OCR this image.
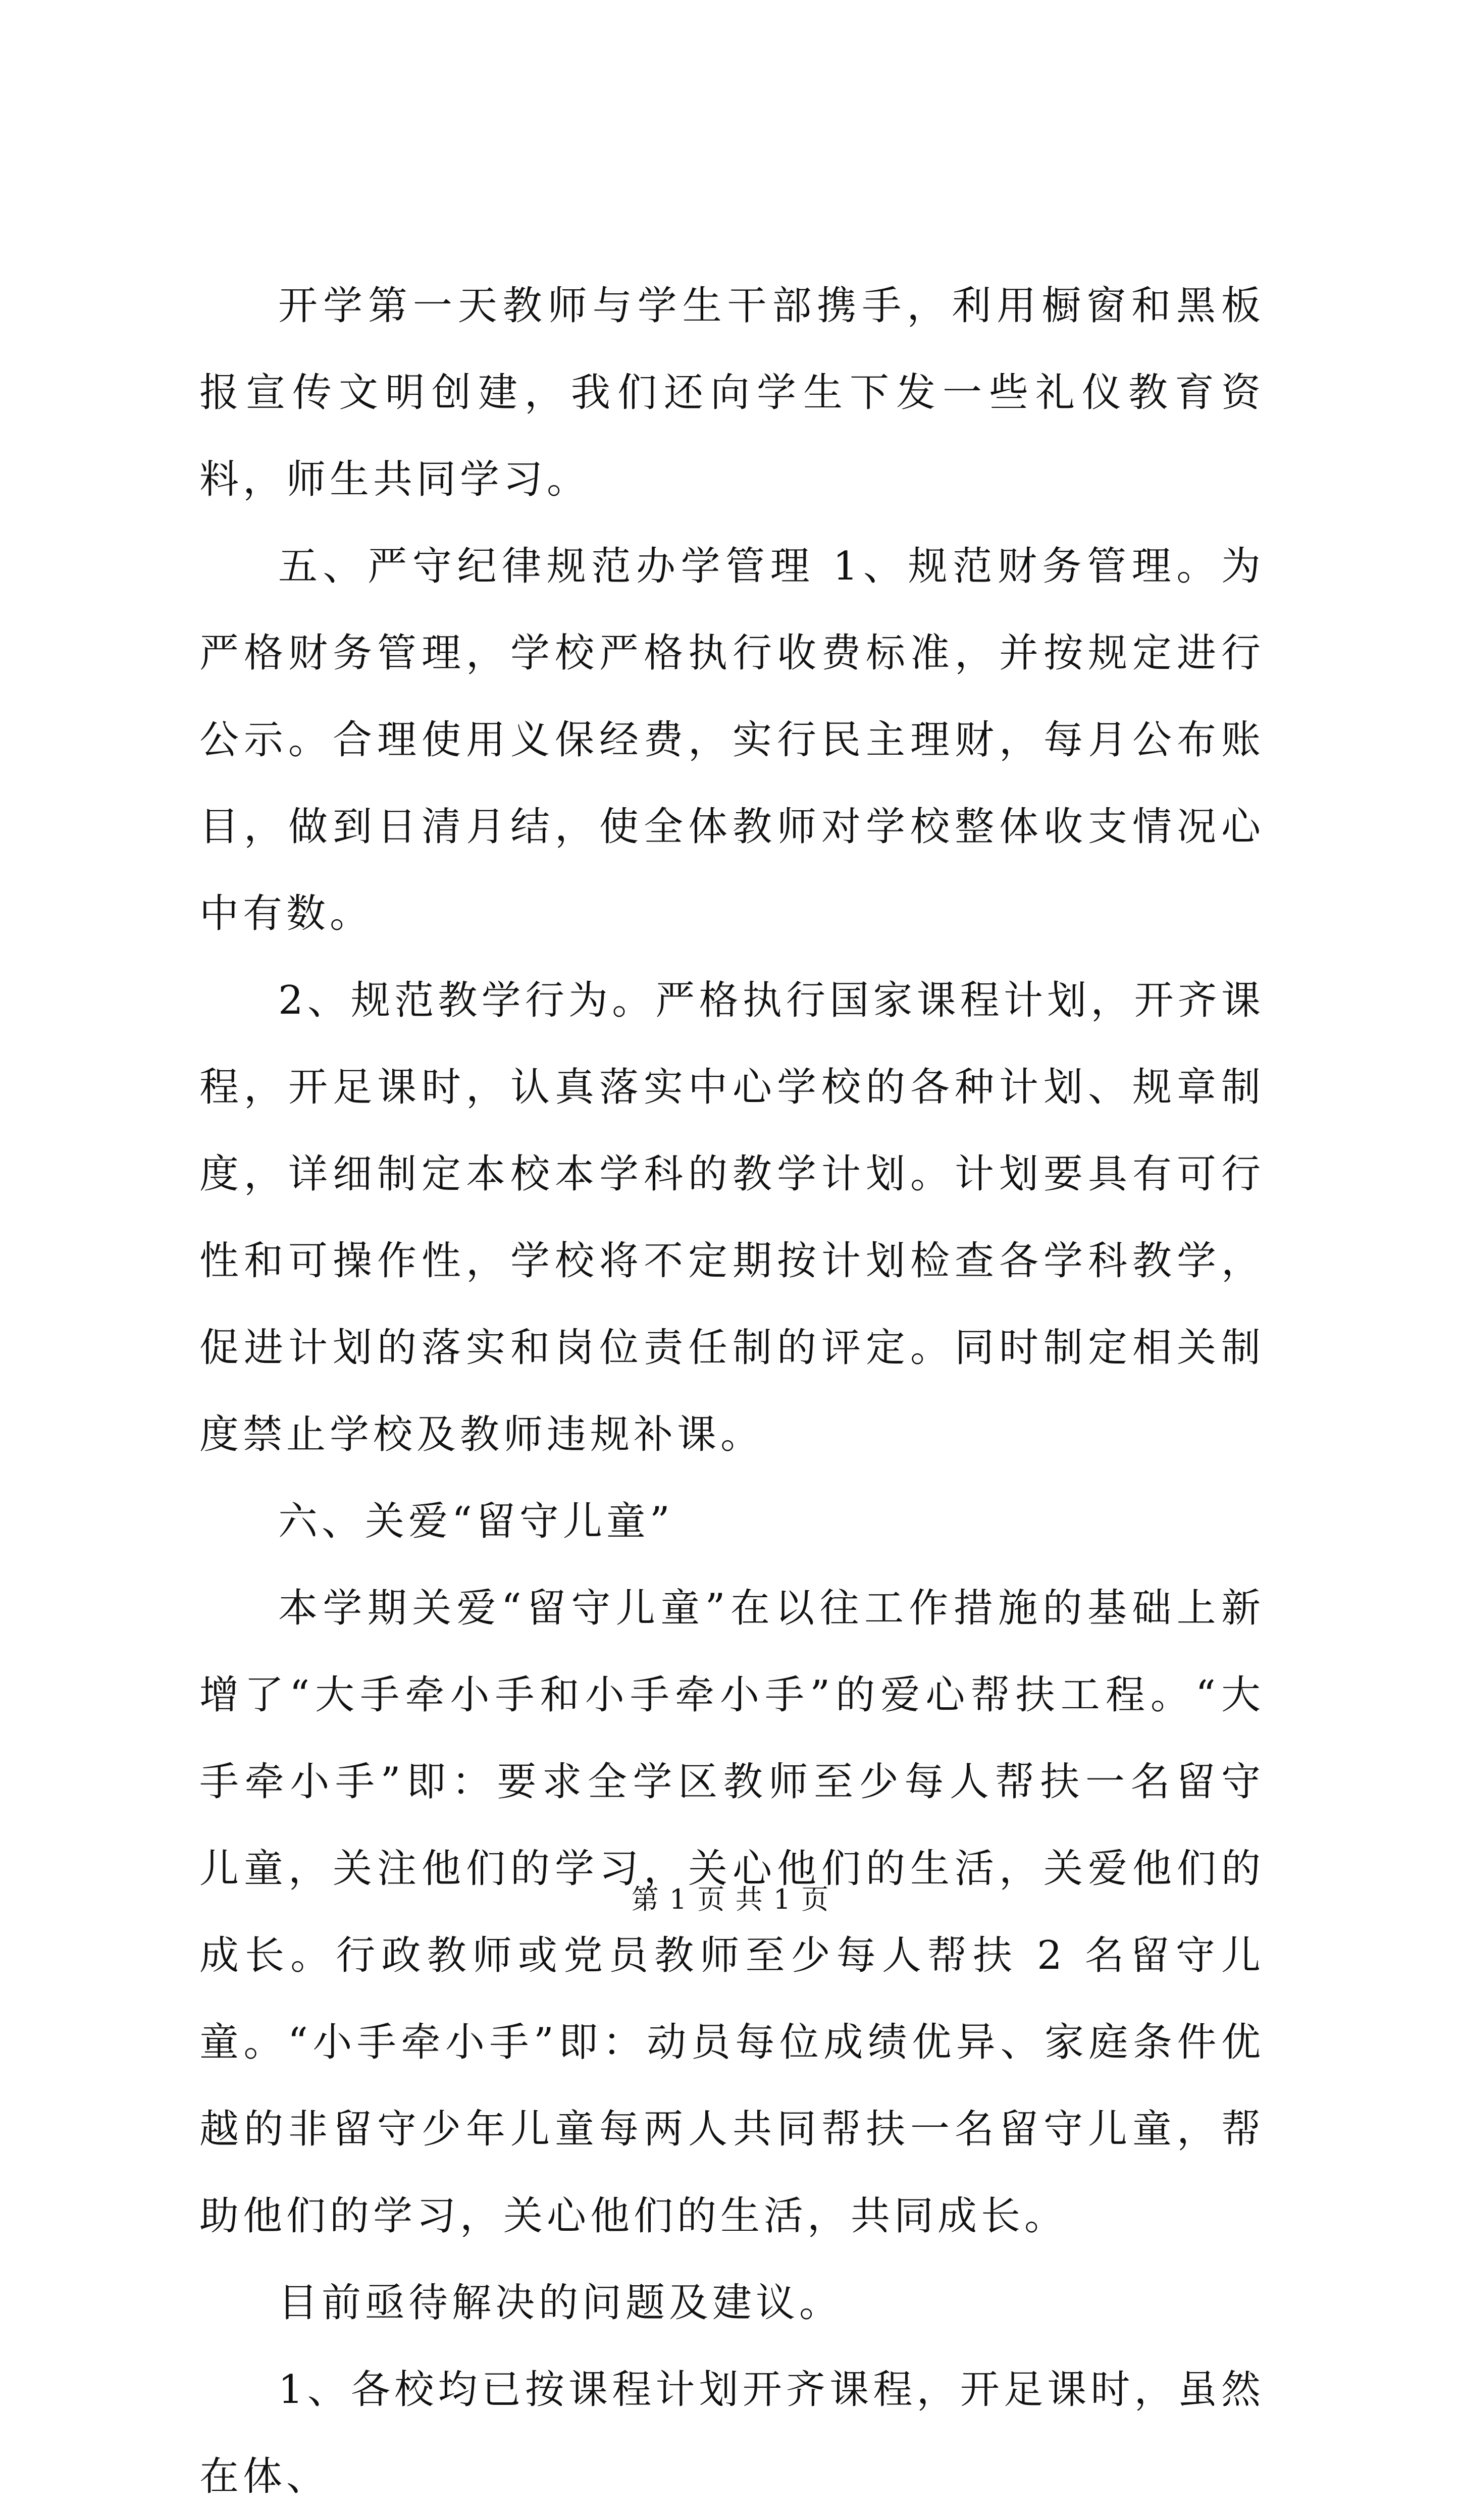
开学第一天教师与学生干部携手，利用橱窗和黑板报宣传文明创建，我们还向学生下发一些礼仪教育资料，师生共同学习。

五、严守纪律规范办学管理 1、规范财务管理。为严格财务管理，学校严格执行收费标准，并按规定进行公示。合理使用义保经费，实行民主理财，每月公布账目，做到日清月结，使全体教师对学校整体收支情况心中有数。

2、规范教学行为。严格执行国家课程计划，开齐课程，开足课时，认真落实中心学校的各种计划、规章制度，详细制定本校本学科的教学计划。计划要具有可行性和可操作性，学校将不定期按计划检查各学科教学，促进计划的落实和岗位责任制的评定。同时制定相关制度禁止学校及教师违规补课。

六、关爱“留守儿童”

本学期关爱“留守儿童”在以往工作措施的基础上新增了“大手牵小手和小手牵小手”的爱心帮扶工程。“大手牵小手”即：要求全学区教师至少每人帮扶一名留守儿童，关注他们的学习，关心他们的生活，关爱他们的成长。行政教师或党员教师至少每人帮扶 2 名留守儿童。“小手牵小手”即：动员每位成绩优异、家庭条件优越的非留守少年儿童每两人共同帮扶一名留守儿童，帮助他们的学习，关心他们的生活，共同成长。

目前亟待解决的问题及建议。

1、各校均已按课程计划开齐课程，开足课时，虽然在体、

第 1 页 共 1 页
